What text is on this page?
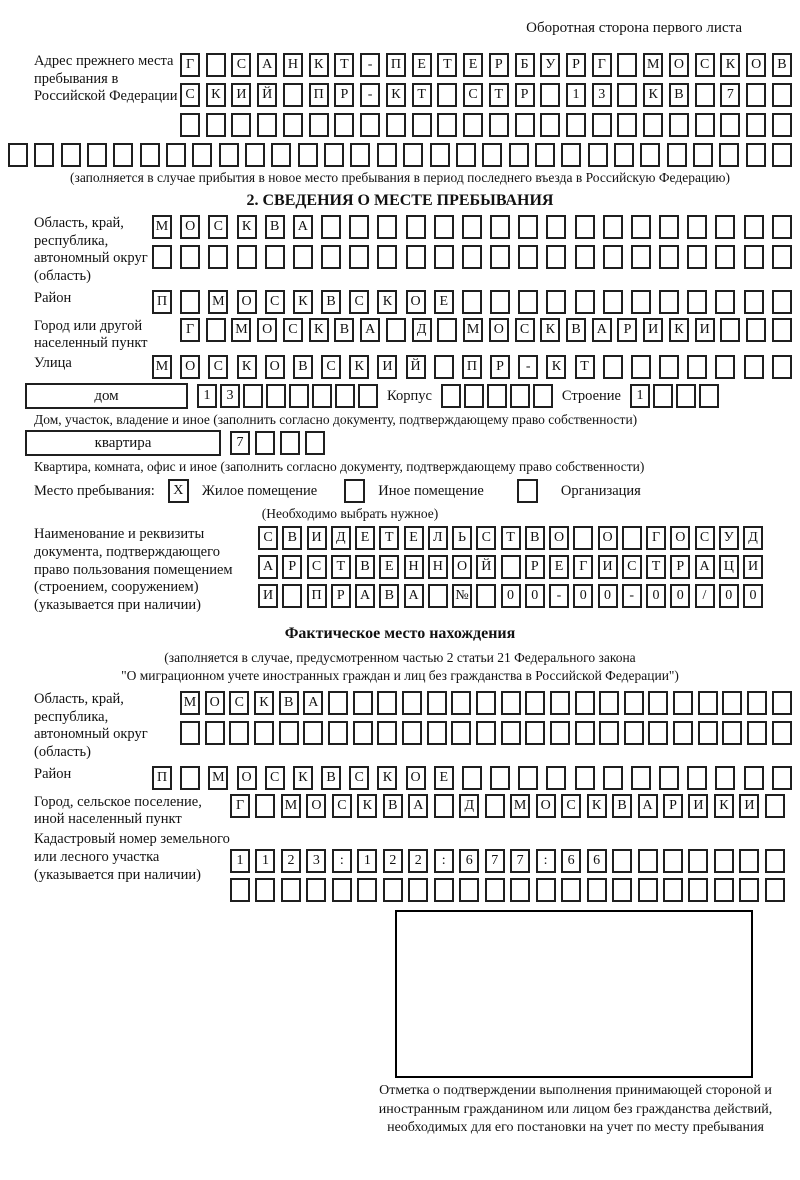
Оборотная сторона первого листа
Адрес прежнего места пребывания в Российской Федерации
Г	С	А	Н	К	Т	-	П	Е	Т	Е	Р	Б	У	Р	Г	М	О	С	К	О	В
С	К	И	Й	П	Р	-	К	Т	С	Т	Р	1	3	К	В	7
(заполняется в случае прибытия в новое место пребывания в период последнего въезда в Российскую Федерацию)
2. СВЕДЕНИЯ О МЕСТЕ ПРЕБЫВАНИЯ
Область, край, республика, автономный округ (область)
М	О	С	К	В	А
Район	П	М	О	С	К	В	С	К	О	Е
Город или другой населенный пункт
Г	М	О	С	К	В	А	Д	М	О	С	К	В	А	Р	И	К	И
Улица	М	О	С	К	О	В	С	К	И	Й	П	Р	-	К	Т
дом	1	3	Корпус	Строение	1
Дом, участок, владение и иное (заполнить согласно документу, подтверждающему право собственности)
квартира	7
Квартира, комната, офис и иное (заполнить согласно документу, подтверждающему право собственности)
Место пребывания:	X	Жилое помещение	Иное помещение	Организация
(Необходимо выбрать нужное)
Наименование и реквизиты документа, подтверждающего право пользования помещением (строением, сооружением) (указывается при наличии)
С	В	И	Д	Е	Т	Е	Л	Ь	С	Т	В	О	О	Г	О	С	У	Д
А	Р	С	Т	В	Е	Н	Н	О	Й	Р	Е	Г	И	С	Т	Р	А	Ц	И
И	П	Р	А	В	А	№	0	0	-	0	0	-	0	0	/	0	0
Фактическое место нахождения
(заполняется в случае, предусмотренном частью 2 статьи 21 Федерального закона
"О миграционном учете иностранных граждан и лиц без гражданства в Российской Федерации")
Область, край, республика, автономный округ (область)
М О	С	К	В	А
Район	П	М	О	С	К	В	С	К	О	Е
Город, сельское поселение, иной населенный пункт
Г	М	О	С	К	В	А	Д	М	О	С	К	В	А	Р	И	К	И
Кадастровый номер земельного или лесного участка (указывается при наличии)
1	1	2	3	:	1	2	2	:	6	7	7	:	6	6
Отметка о подтверждении выполнения принимающей стороной и иностранным гражданином или лицом без гражданства действий, необходимых для его постановки на учет по месту пребывания
